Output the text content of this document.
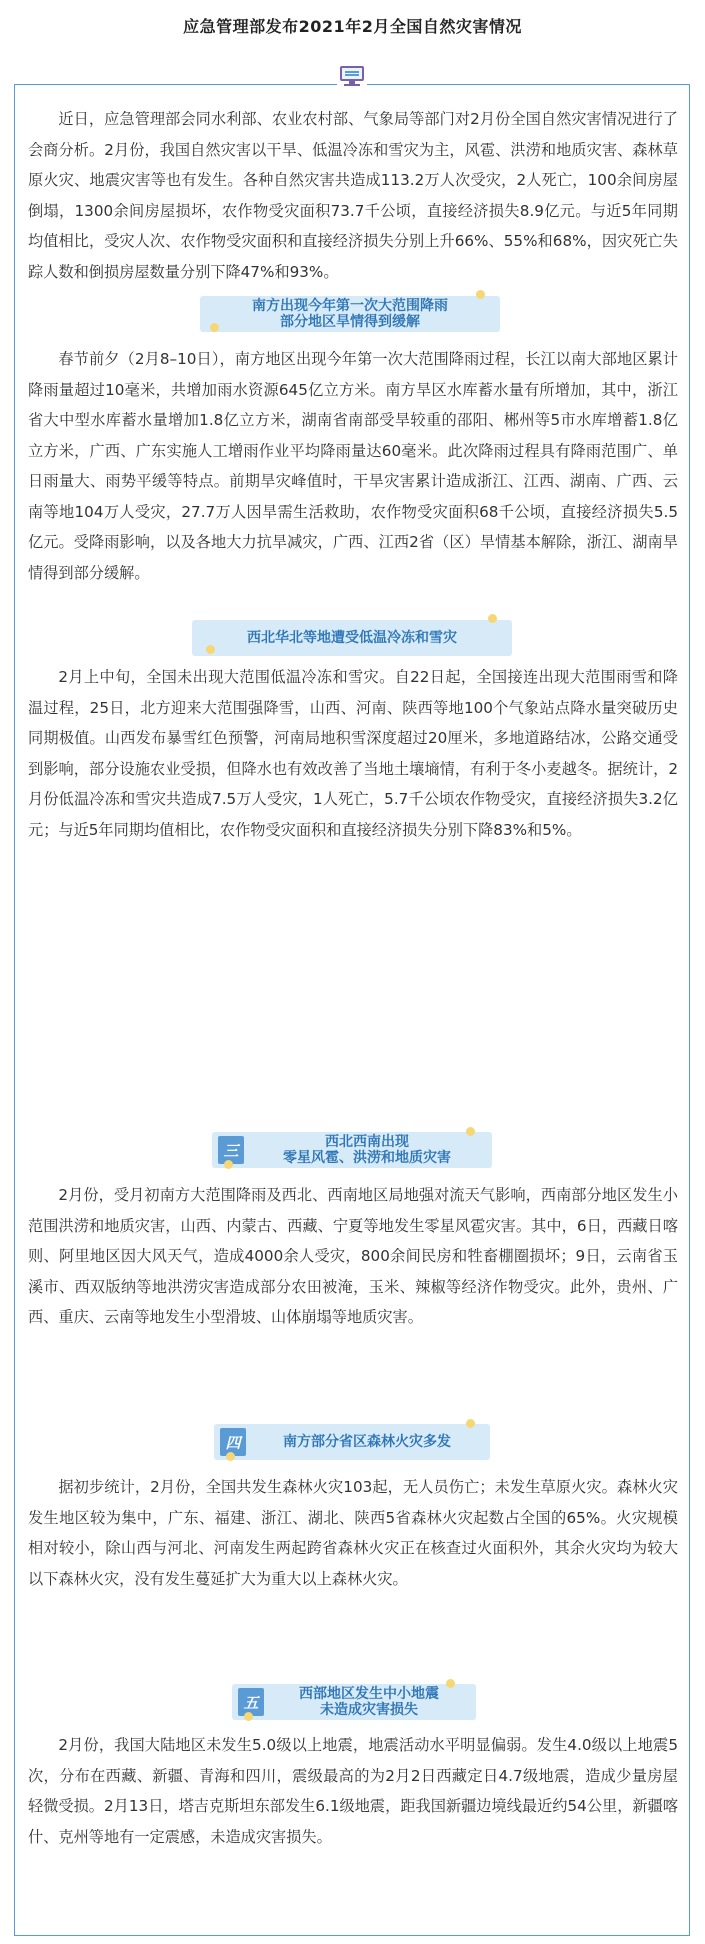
应急管理部发布2021年2月全国自然灾害情况

近日，应急管理部会同水利部、农业农村部、气象局等部门对2月份全国自然灾害情况进行了会商分析。2月份，我国自然灾害以干旱、低温冷冻和雪灾为主，风雹、洪涝和地质灾害、森林草原火灾、地震灾害等也有发生。各种自然灾害共造成113.2万人次受灾，2人死亡，100余间房屋倒塌，1300余间房屋损坏，农作物受灾面积73.7千公顷，直接经济损失8.9亿元。与近5年同期均值相比，受灾人次、农作物受灾面积和直接经济损失分别上升66%、55%和68%，因灾死亡失踪人数和倒损房屋数量分别下降47%和93%。

南方出现今年第一次大范围降雨
部分地区旱情得到缓解

春节前夕（2月8–10日），南方地区出现今年第一次大范围降雨过程，长江以南大部地区累计降雨量超过10毫米，共增加雨水资源645亿立方米。南方旱区水库蓄水量有所增加，其中，浙江省大中型水库蓄水量增加1.8亿立方米，湖南省南部受旱较重的邵阳、郴州等5市水库增蓄1.8亿立方米，广西、广东实施人工增雨作业平均降雨量达60毫米。此次降雨过程具有降雨范围广、单日雨量大、雨势平缓等特点。前期旱灾峰值时，干旱灾害累计造成浙江、江西、湖南、广西、云南等地104万人受灾，27.7万人因旱需生活救助，农作物受灾面积68千公顷，直接经济损失5.5亿元。受降雨影响，以及各地大力抗旱减灾，广西、江西2省（区）旱情基本解除，浙江、湖南旱情得到部分缓解。

西北华北等地遭受低温冷冻和雪灾

2月上中旬，全国未出现大范围低温冷冻和雪灾。自22日起，全国接连出现大范围雨雪和降温过程，25日，北方迎来大范围强降雪，山西、河南、陕西等地100个气象站点降水量突破历史同期极值。山西发布暴雪红色预警，河南局地积雪深度超过20厘米，多地道路结冰，公路交通受到影响，部分设施农业受损，但降水也有效改善了当地土壤墒情，有利于冬小麦越冬。据统计，2月份低温冷冻和雪灾共造成7.5万人受灾，1人死亡，5.7千公顷农作物受灾，直接经济损失3.2亿元；与近5年同期均值相比，农作物受灾面积和直接经济损失分别下降83%和5%。

三	西北西南出现
零星风雹、洪涝和地质灾害

2月份，受月初南方大范围降雨及西北、西南地区局地强对流天气影响，西南部分地区发生小范围洪涝和地质灾害，山西、内蒙古、西藏、宁夏等地发生零星风雹灾害。其中，6日，西藏日喀则、阿里地区因大风天气，造成4000余人受灾，800余间民房和牲畜棚圈损坏；9日，云南省玉溪市、西双版纳等地洪涝灾害造成部分农田被淹，玉米、辣椒等经济作物受灾。此外，贵州、广西、重庆、云南等地发生小型滑坡、山体崩塌等地质灾害。

四	南方部分省区森林火灾多发

据初步统计，2月份，全国共发生森林火灾103起，无人员伤亡；未发生草原火灾。森林火灾发生地区较为集中，广东、福建、浙江、湖北、陕西5省森林火灾起数占全国的65%。火灾规模相对较小，除山西与河北、河南发生两起跨省森林火灾正在核查过火面积外，其余火灾均为较大以下森林火灾，没有发生蔓延扩大为重大以上森林火灾。

五	西部地区发生中小地震
未造成灾害损失

2月份，我国大陆地区未发生5.0级以上地震，地震活动水平明显偏弱。发生4.0级以上地震5次，分布在西藏、新疆、青海和四川，震级最高的为2月2日西藏定日4.7级地震，造成少量房屋轻微受损。2月13日，塔吉克斯坦东部发生6.1级地震，距我国新疆边境线最近约54公里，新疆喀什、克州等地有一定震感，未造成灾害损失。
